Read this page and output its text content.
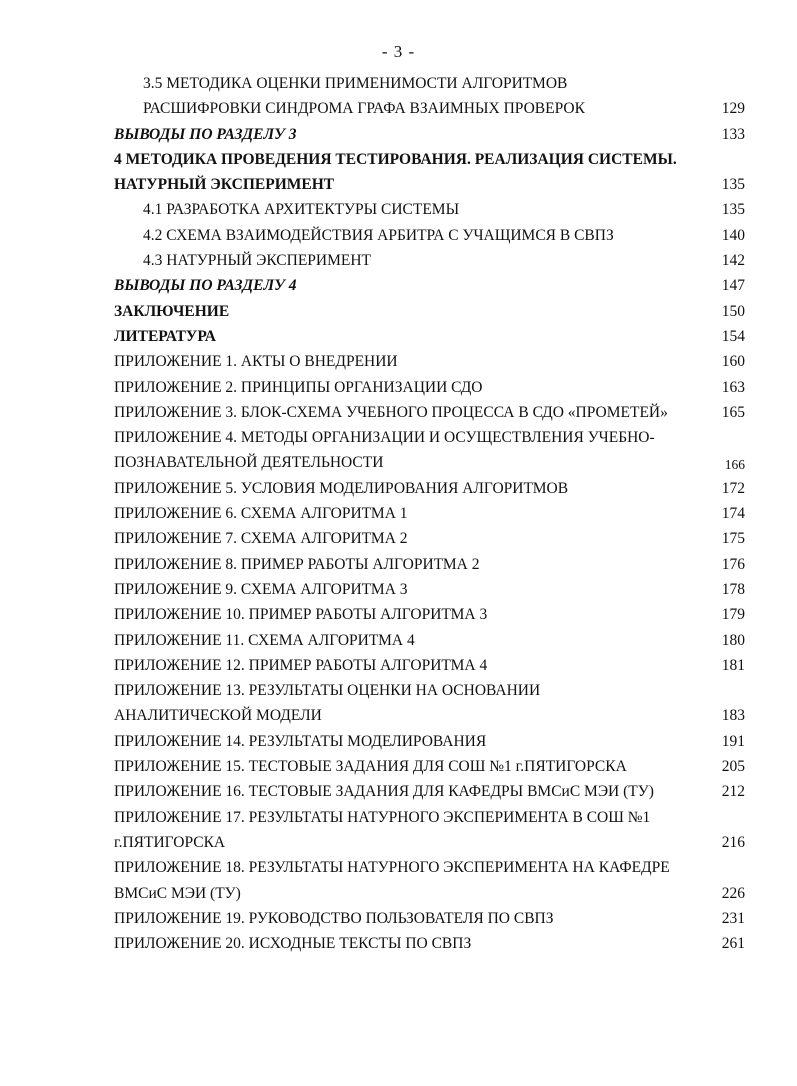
- 3 -
3.5 МЕТОДИКА ОЦЕНКИ ПРИМЕНИМОСТИ АЛГОРИТМОВ
РАСШИФРОВКИ СИНДРОМА ГРАФА ВЗАИМНЫХ ПРОВЕРОК	129
ВЫВОДЫ ПО РАЗДЕЛУ 3	133
4 МЕТОДИКА ПРОВЕДЕНИЯ ТЕСТИРОВАНИЯ. РЕАЛИЗАЦИЯ СИСТЕМЫ.
НАТУРНЫЙ ЭКСПЕРИМЕНТ	135
4.1 РАЗРАБОТКА АРХИТЕКТУРЫ СИСТЕМЫ	135
4.2 СХЕМА ВЗАИМОДЕЙСТВИЯ АРБИТРА С УЧАЩИМСЯ В СВПЗ	140
4.3 НАТУРНЫЙ ЭКСПЕРИМЕНТ	142
ВЫВОДЫ ПО РАЗДЕЛУ 4	147
ЗАКЛЮЧЕНИЕ	150
ЛИТЕРАТУРА	154
ПРИЛОЖЕНИЕ 1. АКТЫ О ВНЕДРЕНИИ	160
ПРИЛОЖЕНИЕ 2. ПРИНЦИПЫ ОРГАНИЗАЦИИ СДО	163
ПРИЛОЖЕНИЕ 3. БЛОК-СХЕМА УЧЕБНОГО ПРОЦЕССА В СДО «ПРОМЕТЕЙ»	165
ПРИЛОЖЕНИЕ 4. МЕТОДЫ ОРГАНИЗАЦИИ И ОСУЩЕСТВЛЕНИЯ УЧЕБНО-
ПОЗНАВАТЕЛЬНОЙ ДЕЯТЕЛЬНОСТИ	166
ПРИЛОЖЕНИЕ 5. УСЛОВИЯ МОДЕЛИРОВАНИЯ АЛГОРИТМОВ	172
ПРИЛОЖЕНИЕ 6. СХЕМА АЛГОРИТМА 1	174
ПРИЛОЖЕНИЕ 7. СХЕМА АЛГОРИТМА 2	175
ПРИЛОЖЕНИЕ 8. ПРИМЕР РАБОТЫ АЛГОРИТМА 2	176
ПРИЛОЖЕНИЕ 9. СХЕМА АЛГОРИТМА 3	178
ПРИЛОЖЕНИЕ 10. ПРИМЕР РАБОТЫ АЛГОРИТМА 3	179
ПРИЛОЖЕНИЕ 11. СХЕМА АЛГОРИТМА 4	180
ПРИЛОЖЕНИЕ 12. ПРИМЕР РАБОТЫ АЛГОРИТМА 4	181
ПРИЛОЖЕНИЕ 13. РЕЗУЛЬТАТЫ ОЦЕНКИ НА ОСНОВАНИИ
АНАЛИТИЧЕСКОЙ МОДЕЛИ	183
ПРИЛОЖЕНИЕ 14. РЕЗУЛЬТАТЫ МОДЕЛИРОВАНИЯ	191
ПРИЛОЖЕНИЕ 15. ТЕСТОВЫЕ ЗАДАНИЯ ДЛЯ СОШ №1 г.ПЯТИГОРСКА	205
ПРИЛОЖЕНИЕ 16. ТЕСТОВЫЕ ЗАДАНИЯ ДЛЯ КАФЕДРЫ ВМСиС МЭИ (ТУ)	212
ПРИЛОЖЕНИЕ 17. РЕЗУЛЬТАТЫ НАТУРНОГО ЭКСПЕРИМЕНТА В СОШ №1
г.ПЯТИГОРСКА	216
ПРИЛОЖЕНИЕ 18. РЕЗУЛЬТАТЫ НАТУРНОГО ЭКСПЕРИМЕНТА НА КАФЕДРЕ
ВМСиС МЭИ (ТУ)	226
ПРИЛОЖЕНИЕ 19. РУКОВОДСТВО ПОЛЬЗОВАТЕЛЯ ПО СВПЗ	231
ПРИЛОЖЕНИЕ 20. ИСХОДНЫЕ ТЕКСТЫ ПО СВПЗ	261
